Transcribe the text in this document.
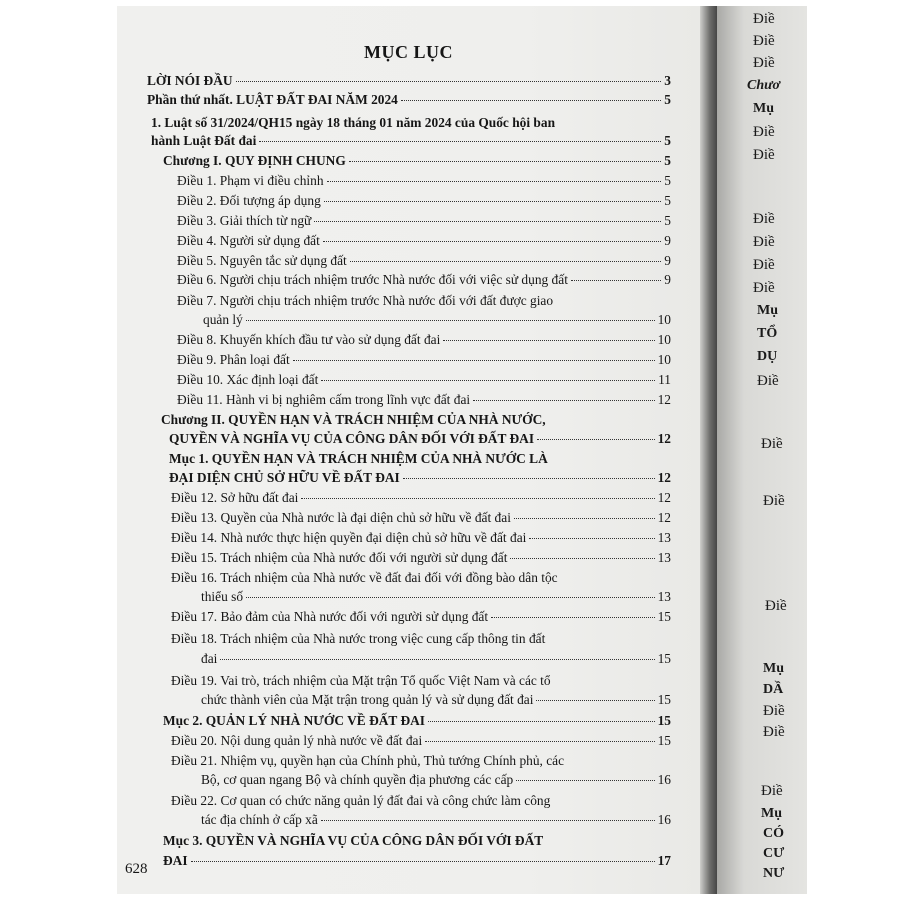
MỤC LỤC
LỜI NÓI ĐẦU	3
Phần thứ nhất. LUẬT ĐẤT ĐAI NĂM 2024	5
1. Luật số 31/2024/QH15 ngày 18 tháng 01 năm 2024 của Quốc hội ban
hành Luật Đất đai	5
Chương I. QUY ĐỊNH CHUNG	5
Điều 1. Phạm vi điều chỉnh	5
Điều 2. Đối tượng áp dụng	5
Điều 3. Giải thích từ ngữ	5
Điều 4. Người sử dụng đất	9
Điều 5. Nguyên tắc sử dụng đất	9
Điều 6. Người chịu trách nhiệm trước Nhà nước đối với việc sử dụng đất	9
Điều 7. Người chịu trách nhiệm trước Nhà nước đối với đất được giao
quản lý	10
Điều 8. Khuyến khích đầu tư vào sử dụng đất đai	10
Điều 9. Phân loại đất	10
Điều 10. Xác định loại đất	11
Điều 11. Hành vi bị nghiêm cấm trong lĩnh vực đất đai	12
Chương II. QUYỀN HẠN VÀ TRÁCH NHIỆM CỦA NHÀ NƯỚC,
QUYỀN VÀ NGHĨA VỤ CỦA CÔNG DÂN ĐỐI VỚI ĐẤT ĐAI	12
Mục 1. QUYỀN HẠN VÀ TRÁCH NHIỆM CỦA NHÀ NƯỚC LÀ
ĐẠI DIỆN CHỦ SỞ HỮU VỀ ĐẤT ĐAI	12
Điều 12. Sở hữu đất đai	12
Điều 13. Quyền của Nhà nước là đại diện chủ sở hữu về đất đai	12
Điều 14. Nhà nước thực hiện quyền đại diện chủ sở hữu về đất đai	13
Điều 15. Trách nhiệm của Nhà nước đối với người sử dụng đất	13
Điều 16. Trách nhiệm của Nhà nước về đất đai đối với đồng bào dân tộc
thiểu số	13
Điều 17. Bảo đảm của Nhà nước đối với người sử dụng đất	15
Điều 18. Trách nhiệm của Nhà nước trong việc cung cấp thông tin đất
đai	15
Điều 19. Vai trò, trách nhiệm của Mặt trận Tổ quốc Việt Nam và các tổ
chức thành viên của Mặt trận trong quản lý và sử dụng đất đai	15
Mục 2. QUẢN LÝ NHÀ NƯỚC VỀ ĐẤT ĐAI	15
Điều 20. Nội dung quản lý nhà nước về đất đai	15
Điều 21. Nhiệm vụ, quyền hạn của Chính phủ, Thủ tướng Chính phủ, các
Bộ, cơ quan ngang Bộ và chính quyền địa phương các cấp	16
Điều 22. Cơ quan có chức năng quản lý đất đai và công chức làm công
tác địa chính ở cấp xã	16
Mục 3. QUYỀN VÀ NGHĨA VỤ CỦA CÔNG DÂN ĐỐI VỚI ĐẤT
ĐAI	17
628
Điề
Điề
Điề
Chươ
Mụ
Điề
Điề
Điề
Điề
Điề
Điề
Mụ
TỔ
DỤ
Điề
Điề
Điề
Điề
Mụ
DẦ
Điề
Điề
Điề
Mụ
CÓ
CƯ
NƯ
